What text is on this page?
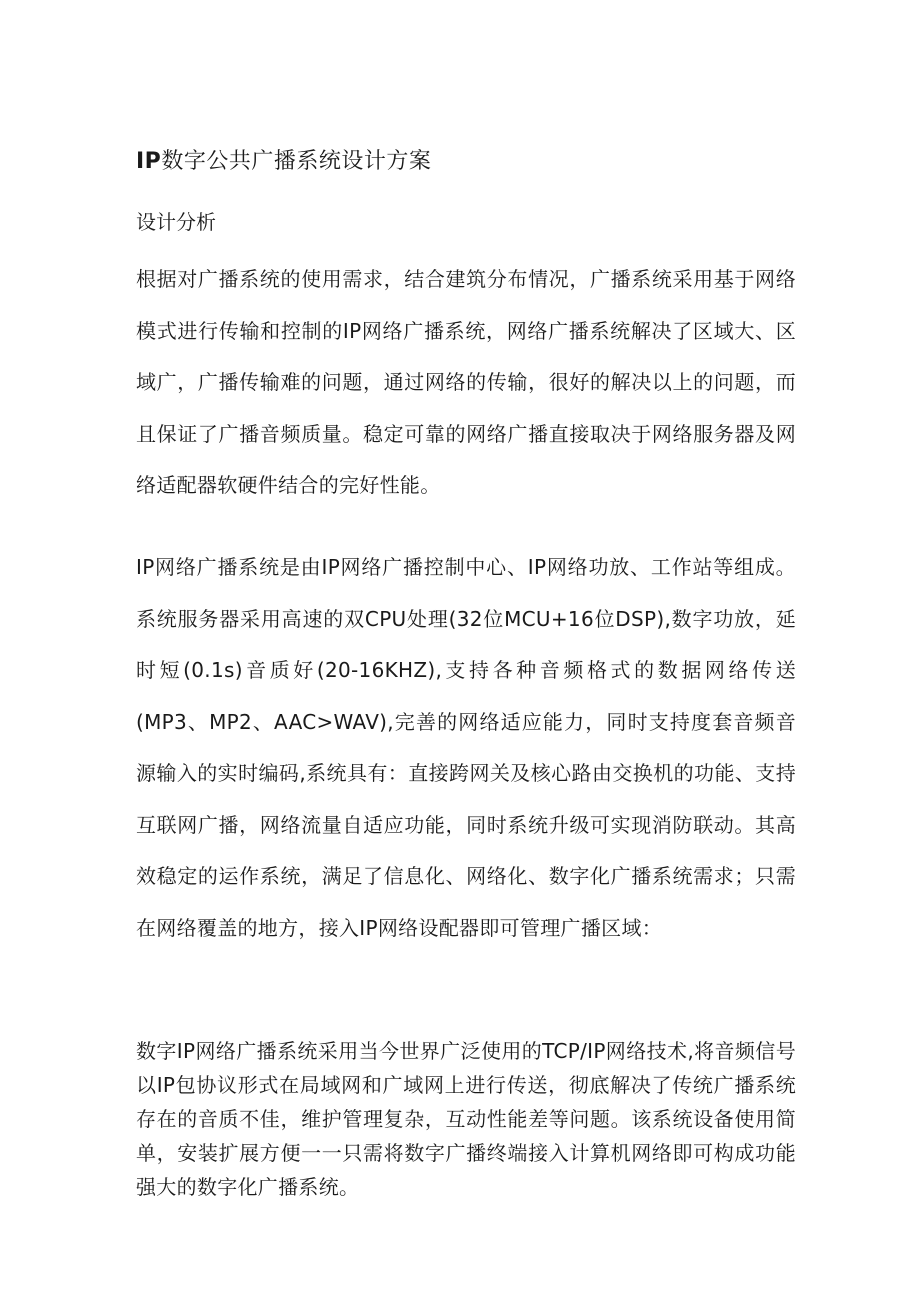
IP数字公共广播系统设计方案
设计分析

根据对广播系统的使用需求，结合建筑分布情况，广播系统采用基于网络模式进行传输和控制的IP网络广播系统，网络广播系统解决了区域大、区域广，广播传输难的问题，通过网络的传输，很好的解决以上的问题，而且保证了广播音频质量。稳定可靠的网络广播直接取决于网络服务器及网络适配器软硬件结合的完好性能。

IP网络广播系统是由IP网络广播控制中心、IP网络功放、工作站等组成。系统服务器采用高速的双CPU处理(32位MCU+16位DSP),数字功放，延时短(0.1s)音质好(20-16KHZ),支持各种音频格式的数据网络传送(MP3、MP2、AAC>WAV),完善的网络适应能力，同时支持度套音频音源输入的实时编码,系统具有：直接跨网关及核心路由交换机的功能、支持互联网广播，网络流量自适应功能，同时系统升级可实现消防联动。其高效稳定的运作系统，满足了信息化、网络化、数字化广播系统需求；只需在网络覆盖的地方，接入IP网络设配器即可管理广播区域：

数字IP网络广播系统采用当今世界广泛使用的TCP/IP网络技术,将音频信号以IP包协议形式在局域网和广域网上进行传送，彻底解决了传统广播系统存在的音质不佳，维护管理复杂，互动性能差等问题。该系统设备使用简单，安装扩展方便一一只需将数字广播终端接入计算机网络即可构成功能强大的数字化广播系统。
